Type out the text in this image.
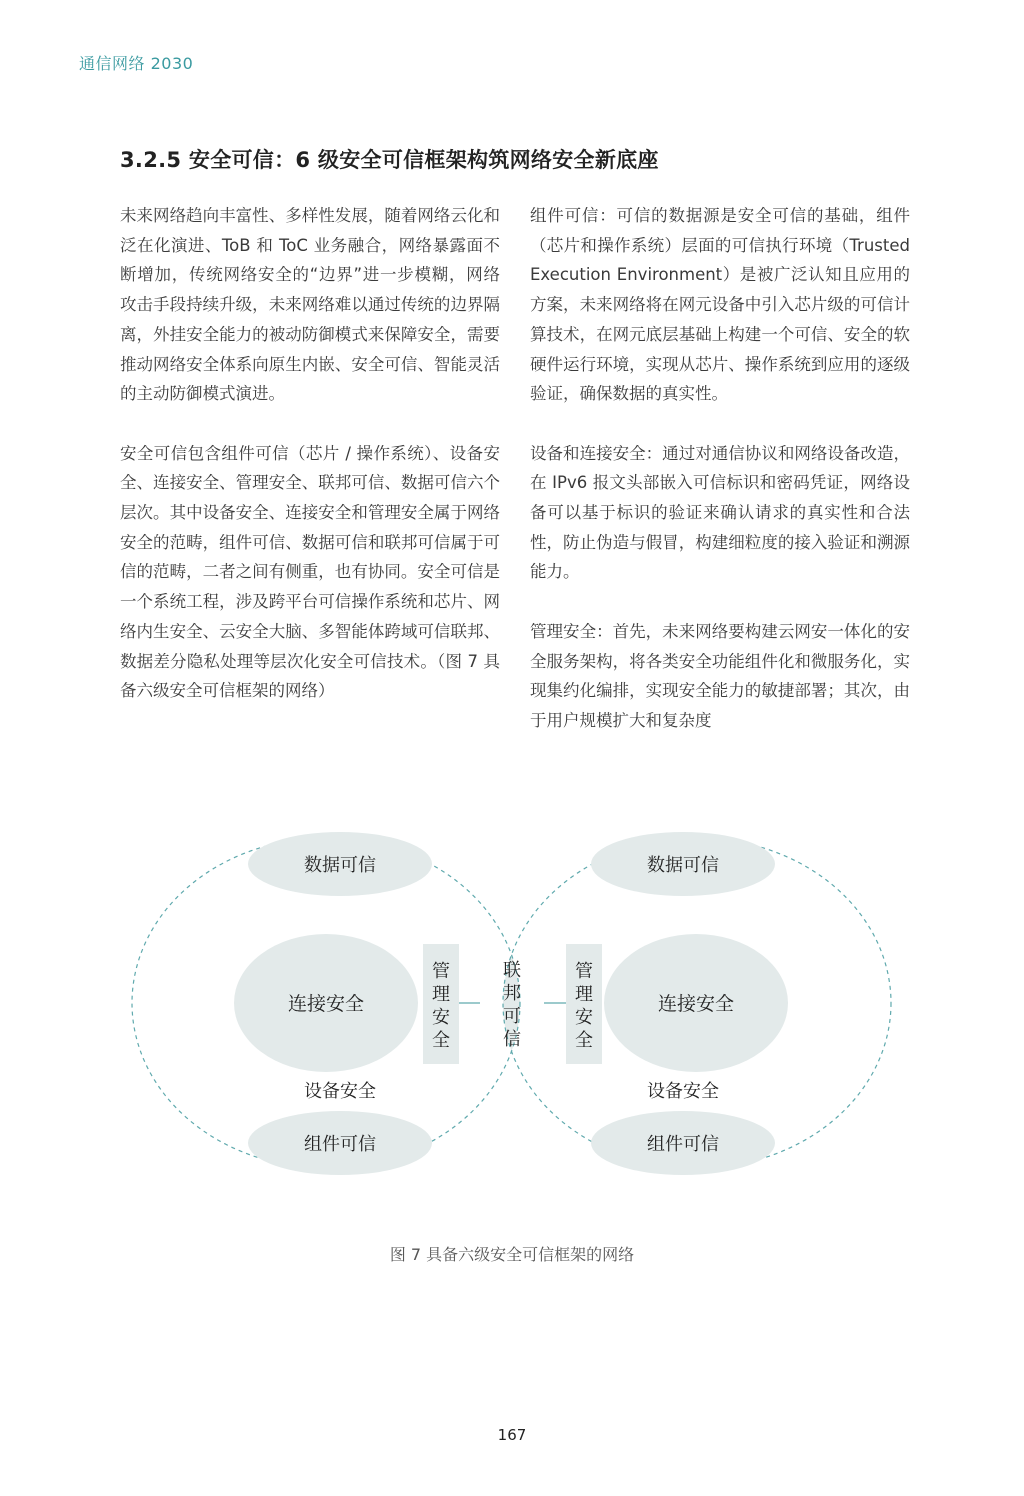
通信网络 2030
3.2.5 安全可信：6 级安全可信框架构筑网络安全新底座

未来网络趋向丰富性、多样性发展，随着网络云化和泛在化演进、ToB 和 ToC 业务融合，网络暴露面不断增加，传统网络安全的“边界”进一步模糊，网络攻击手段持续升级，未来网络难以通过传统的边界隔离，外挂安全能力的被动防御模式来保障安全，需要推动网络安全体系向原生内嵌、安全可信、智能灵活的主动防御模式演进。

安全可信包含组件可信（芯片 / 操作系统）、设备安全、连接安全、管理安全、联邦可信、数据可信六个层次。其中设备安全、连接安全和管理安全属于网络安全的范畴，组件可信、数据可信和联邦可信属于可信的范畴，二者之间有侧重，也有协同。安全可信是一个系统工程，涉及跨平台可信操作系统和芯片、网络内生安全、云安全大脑、多智能体跨域可信联邦、数据差分隐私处理等层次化安全可信技术。（图 7 具备六级安全可信框架的网络）

组件可信：可信的数据源是安全可信的基础，组件（芯片和操作系统）层面的可信执行环境（Trusted Execution Environment）是被广泛认知且应用的方案，未来网络将在网元设备中引入芯片级的可信计算技术，在网元底层基础上构建一个可信、安全的软硬件运行环境，实现从芯片、操作系统到应用的逐级验证，确保数据的真实性。

设备和连接安全：通过对通信协议和网络设备改造，在 IPv6 报文头部嵌入可信标识和密码凭证，网络设备可以基于标识的验证来确认请求的真实性和合法性，防止伪造与假冒，构建细粒度的接入验证和溯源能力。

管理安全：首先，未来网络要构建云网安一体化的安全服务架构，将各类安全功能组件化和微服务化，实现集约化编排，实现安全能力的敏捷部署；其次，由于用户规模扩大和复杂度

数据可信
连接安全
设备安全
组件可信
管
理
安
全
联
邦
可
信
管
理
安
全
数据可信
连接安全
设备安全
组件可信
图 7 具备六级安全可信框架的网络
167
